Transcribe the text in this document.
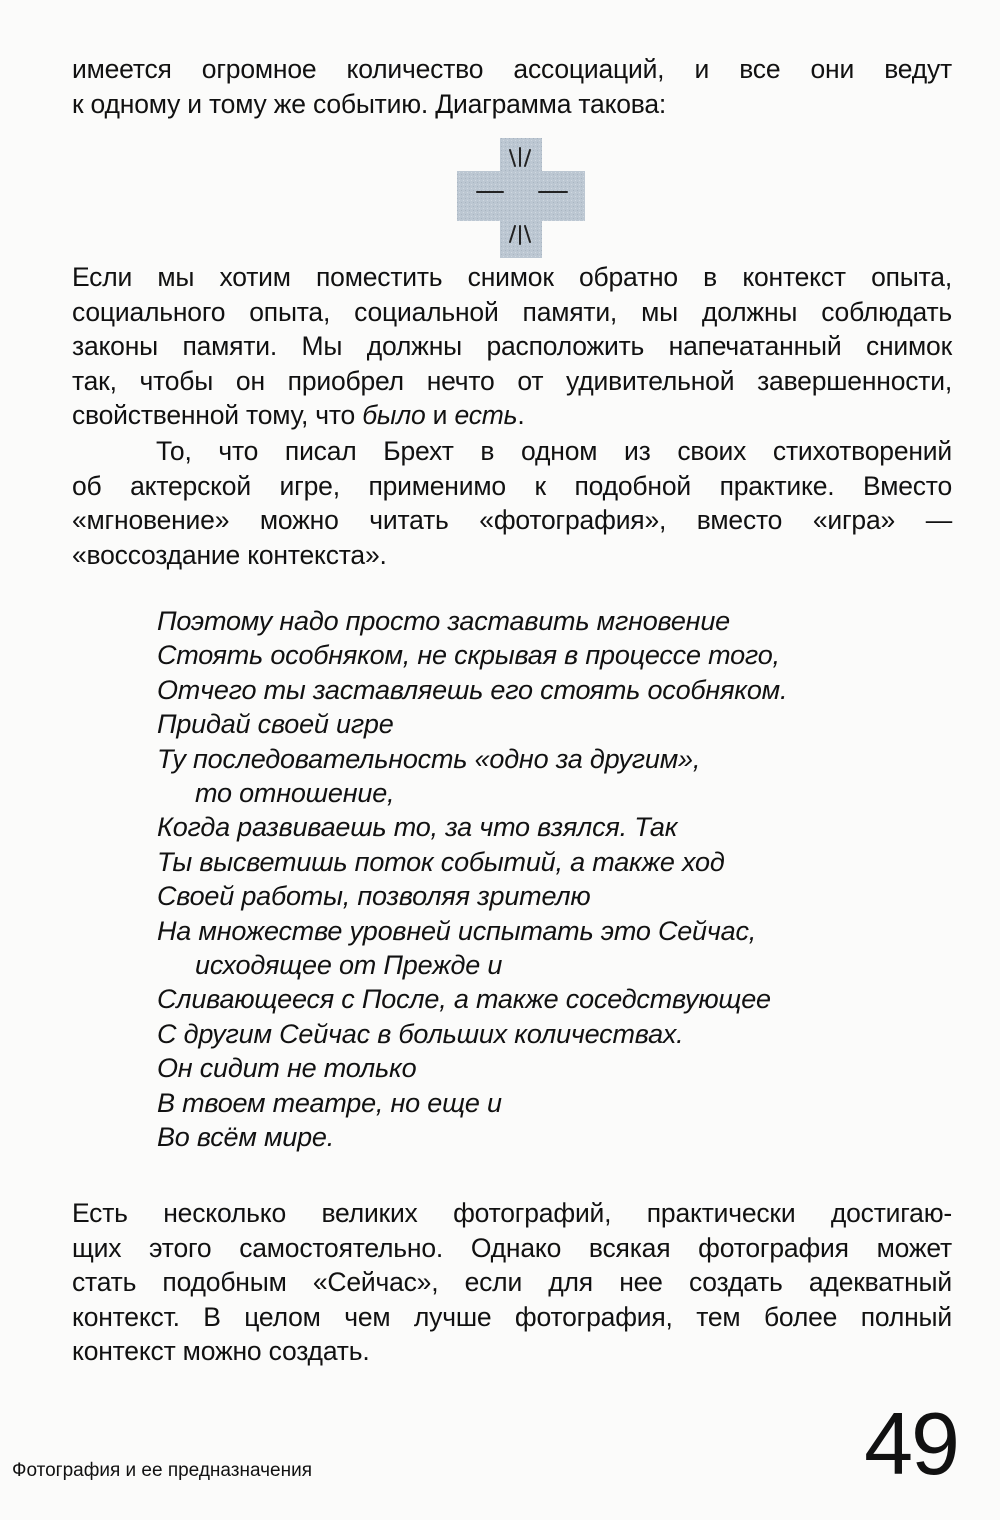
имеется огромное количество ассоциаций, и все они ведут
к одному и тому же событию. Диаграмма такова:
Если мы хотим поместить снимок обратно в контекст опыта,
социального опыта, социальной памяти, мы должны соблюдать
законы памяти. Мы должны расположить напечатанный снимок
так, чтобы он приобрел нечто от удивительной завершенности,
свойственной тому, что было и есть.
То, что писал Брехт в одном из своих стихотворений
об актерской игре, применимо к подобной практике. Вместо
«мгновение» можно читать «фотография», вместо «игра» —
«воссоздание контекста».
Поэтому надо просто заставить мгновение
Стоять особняком, не скрывая в процессе того,
Отчего ты заставляешь его стоять особняком.
Придай своей игре
Ту последовательность «одно за другим»,
то отношение,
Когда развиваешь то, за что взялся. Так
Ты высветишь поток событий, а также ход
Своей работы, позволяя зрителю
На множестве уровней испытать это Сейчас,
исходящее от Прежде и
Сливающееся с После, а также соседствующее
С другим Сейчас в больших количествах.
Он сидит не только
В твоем театре, но еще и
Во всём мире.
Есть несколько великих фотографий, практически достигаю-
щих этого самостоятельно. Однако всякая фотография может
стать подобным «Сейчас», если для нее создать адекватный
контекст. В целом чем лучше фотография, тем более полный
контекст можно создать.
Фотография и ее предназначения	49
